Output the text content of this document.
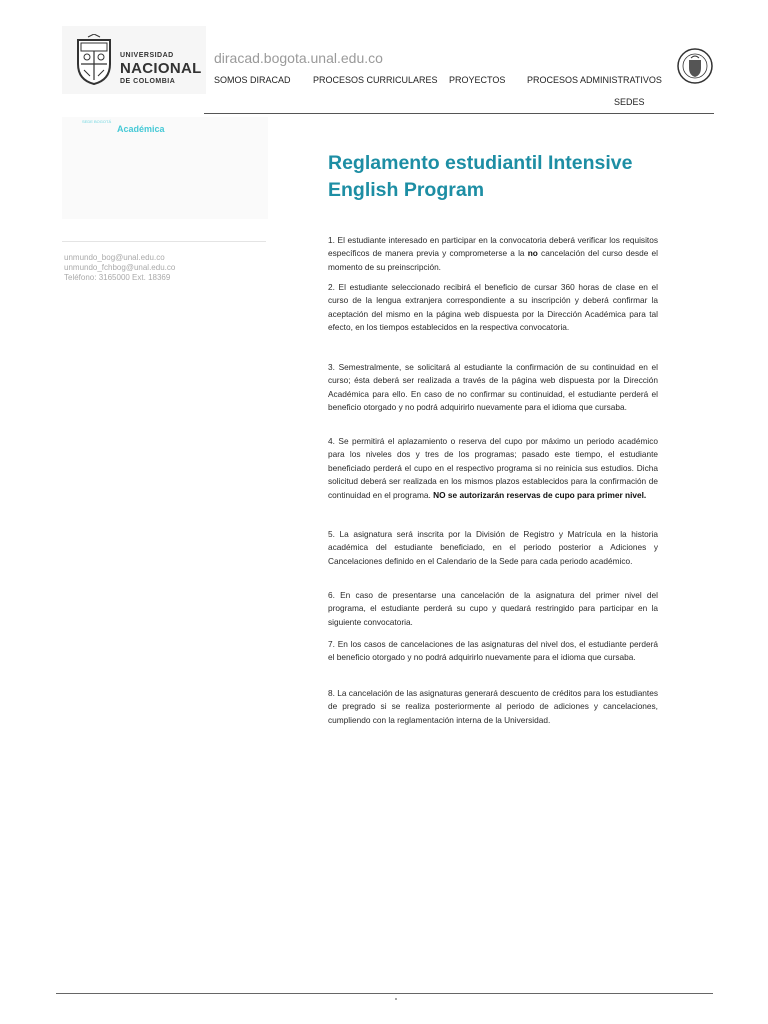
UNIVERSIDAD
NACIONAL
DE COLOMBIA
diracad.bogota.unal.edu.co
SOMOS DIRACAD PROCESOS CURRICULARES PROYECTOS PROCESOS ADMINISTRATIVOS
SEDES
SEDE BOGOTÁ
Académica
unmundo_bog@unal.edu.co
unmundo_fchbog@unal.edu.co
Teléfono: 3165000 Ext. 18369
Reglamento estudiantil Intensive English Program

1. El estudiante interesado en participar en la convocatoria deberá verificar los requisitos específicos de manera previa y comprometerse a la no cancelación del curso desde el momento de su preinscripción.

2. El estudiante seleccionado recibirá el beneficio de cursar 360 horas de clase en el curso de la lengua extranjera correspondiente a su inscripción y deberá confirmar la aceptación del mismo en la página web dispuesta por la Dirección Académica para tal efecto, en los tiempos establecidos en la respectiva convocatoria.

3. Semestralmente, se solicitará al estudiante la confirmación de su continuidad en el curso; ésta deberá ser realizada a través de la página web dispuesta por la Dirección Académica para ello. En caso de no confirmar su continuidad, el estudiante perderá el beneficio otorgado y no podrá adquirirlo nuevamente para el idioma que cursaba.

4. Se permitirá el aplazamiento o reserva del cupo por máximo un periodo académico para los niveles dos y tres de los programas; pasado este tiempo, el estudiante beneficiado perderá el cupo en el respectivo programa si no reinicia sus estudios. Dicha solicitud deberá ser realizada en los mismos plazos establecidos para la confirmación de continuidad en el programa. NO se autorizarán reservas de cupo para primer nivel.

5. La asignatura será inscrita por la División de Registro y Matrícula en la historia académica del estudiante beneficiado, en el periodo posterior a Adiciones y Cancelaciones definido en el Calendario de la Sede para cada periodo académico.

6. En caso de presentarse una cancelación de la asignatura del primer nivel del programa, el estudiante perderá su cupo y quedará restringido para participar en la siguiente convocatoria.

7. En los casos de cancelaciones de las asignaturas del nivel dos, el estudiante perderá el beneficio otorgado y no podrá adquirirlo nuevamente para el idioma que cursaba.

8. La cancelación de las asignaturas generará descuento de créditos para los estudiantes de pregrado si se realiza posteriormente al periodo de adiciones y cancelaciones, cumpliendo con la reglamentación interna de la Universidad.
